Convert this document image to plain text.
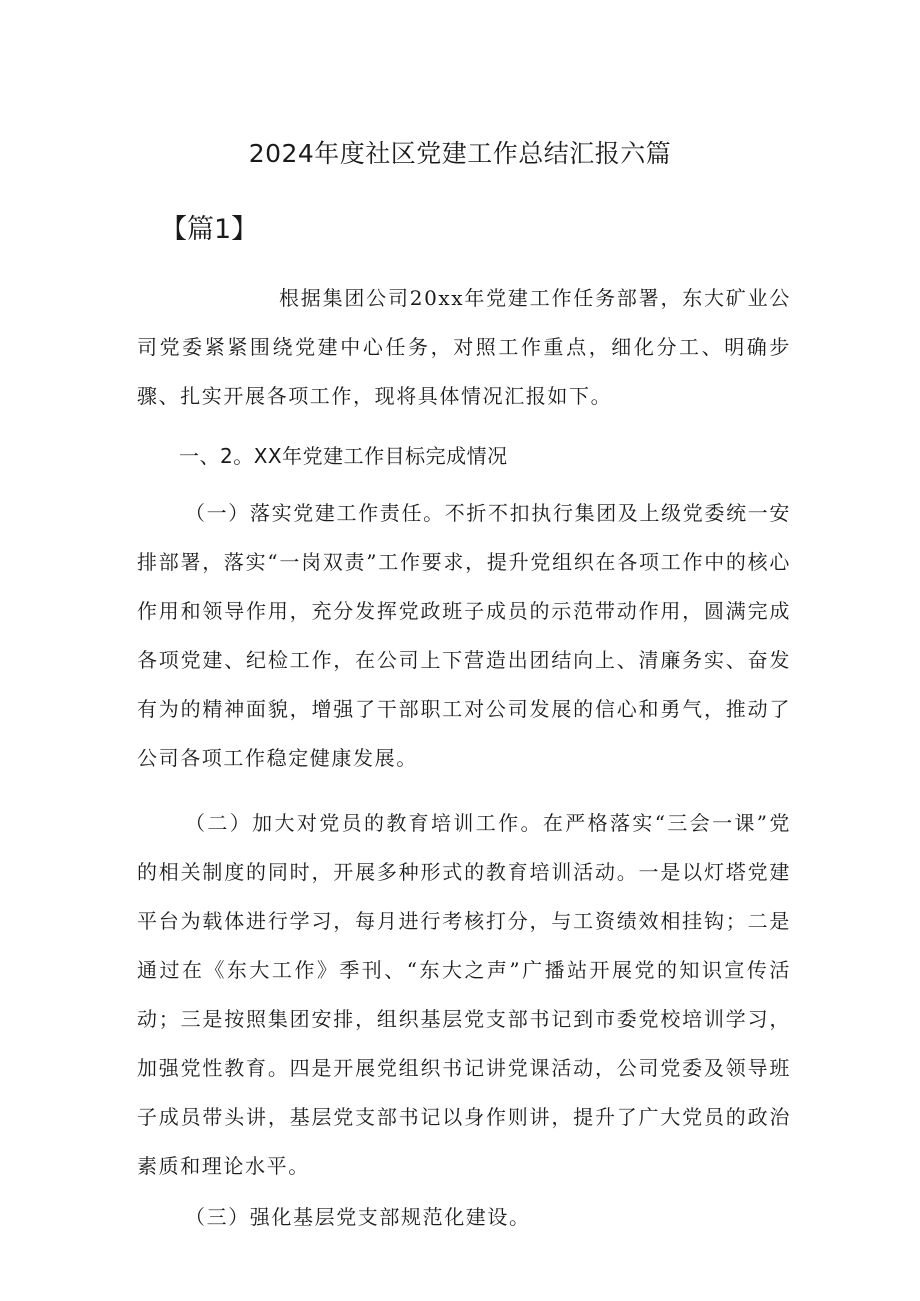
2024年度社区党建工作总结汇报六篇
【篇1】

根据集团公司20xx年党建工作任务部署，东大矿业公司党委紧紧围绕党建中心任务，对照工作重点，细化分工、明确步骤、扎实开展各项工作，现将具体情况汇报如下。

一、2。XX年党建工作目标完成情况

（一）落实党建工作责任。不折不扣执行集团及上级党委统一安排部署，落实“一岗双责”工作要求，提升党组织在各项工作中的核心作用和领导作用，充分发挥党政班子成员的示范带动作用，圆满完成各项党建、纪检工作，在公司上下营造出团结向上、清廉务实、奋发有为的精神面貌，增强了干部职工对公司发展的信心和勇气，推动了公司各项工作稳定健康发展。

（二）加大对党员的教育培训工作。在严格落实“三会一课”党的相关制度的同时，开展多种形式的教育培训活动。一是以灯塔党建平台为载体进行学习，每月进行考核打分，与工资绩效相挂钩；二是通过在《东大工作》季刊、“东大之声”广播站开展党的知识宣传活动；三是按照集团安排，组织基层党支部书记到市委党校培训学习，加强党性教育。四是开展党组织书记讲党课活动，公司党委及领导班子成员带头讲，基层党支部书记以身作则讲，提升了广大党员的政治素质和理论水平。

（三）强化基层党支部规范化建设。
